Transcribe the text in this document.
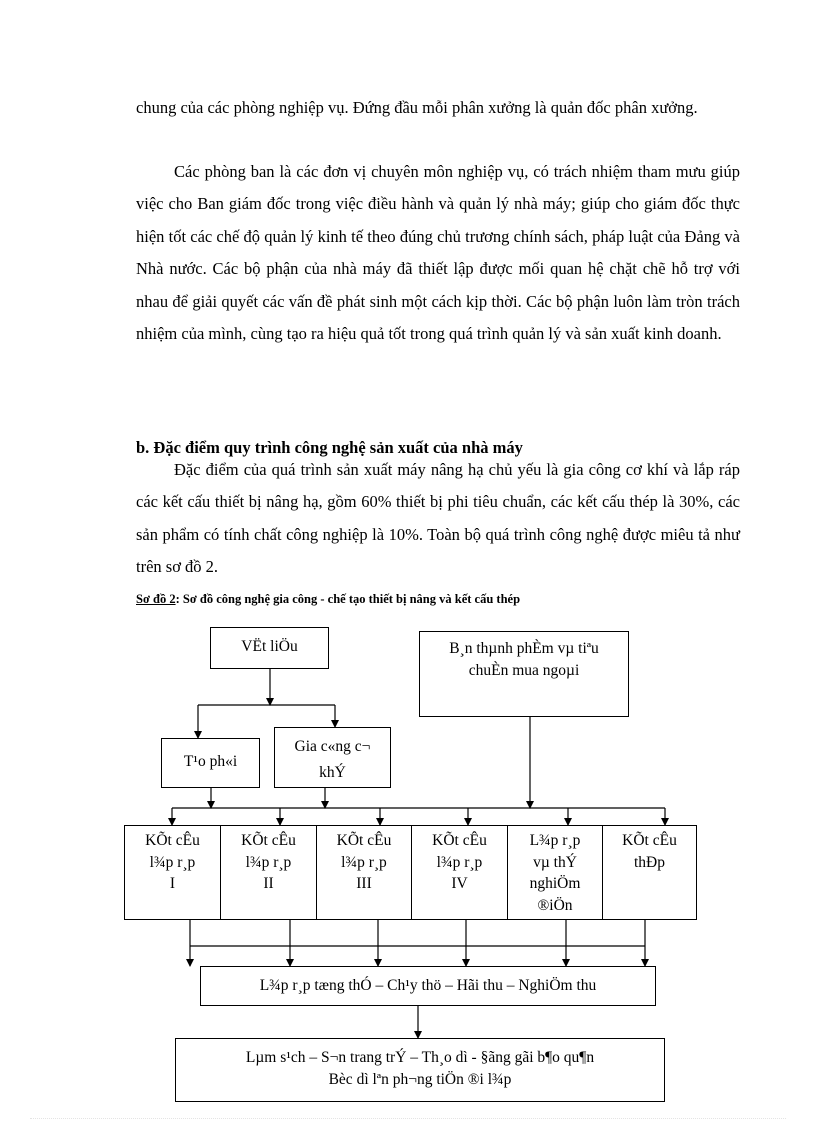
chung của các phòng nghiệp vụ. Đứng đầu mỗi phân xưởng là quản đốc phân xưởng.

Các phòng ban là các đơn vị chuyên môn nghiệp vụ, có trách nhiệm tham mưu giúp việc cho Ban giám đốc trong việc điều hành và quản lý nhà máy; giúp cho giám đốc thực hiện tốt các chế độ quản lý kinh tế theo đúng chủ trương chính sách, pháp luật của Đảng và Nhà nước. Các bộ phận của nhà máy đã thiết lập được mối quan hệ chặt chẽ hỗ trợ với nhau để giải quyết các vấn đề phát sinh một cách kịp thời. Các bộ phận luôn làm tròn trách nhiệm của mình, cùng tạo ra hiệu quả tốt trong quá trình quản lý và sản xuất kinh doanh.

b. Đặc điểm quy trình công nghệ sản xuất của nhà máy

Đặc điểm của quá trình sản xuất máy nâng hạ chủ yếu là gia công cơ khí và lắp ráp các kết cấu thiết bị nâng hạ, gồm 60% thiết bị phi tiêu chuẩn, các kết cấu thép là 30%, các sản phẩm có tính chất công nghiệp là 10%. Toàn bộ quá trình công nghệ được miêu tả như trên sơ đồ 2.

Sơ đồ 2: Sơ đồ công nghệ gia công - chế tạo thiết bị nâng và kết cấu thép

VËt liÖu	B¸n thµnh phÈm vµ tiªu chuÈn mua ngoµi
T¹o ph«i
Gia c«ng c¬ khÝ
KÕt cÊu
l¾p r¸p
I
KÕt cÊu
l¾p r¸p
II
KÕt cÊu
l¾p r¸p
III
KÕt cÊu
l¾p r¸p
IV
L¾p r¸p
vµ thÝ
nghiÖm
®iÖn
KÕt cÊu
thÐp
L¾p r¸p tæng thÓ – Ch¹y thö – Hãi thu – NghiÖm thu
Lµm s¹ch – S¬n trang trÝ – Th¸o dì - §ãng gãi b¶o qu¶n
Bèc dì lªn ph¬ng tiÖn ®i l¾p
